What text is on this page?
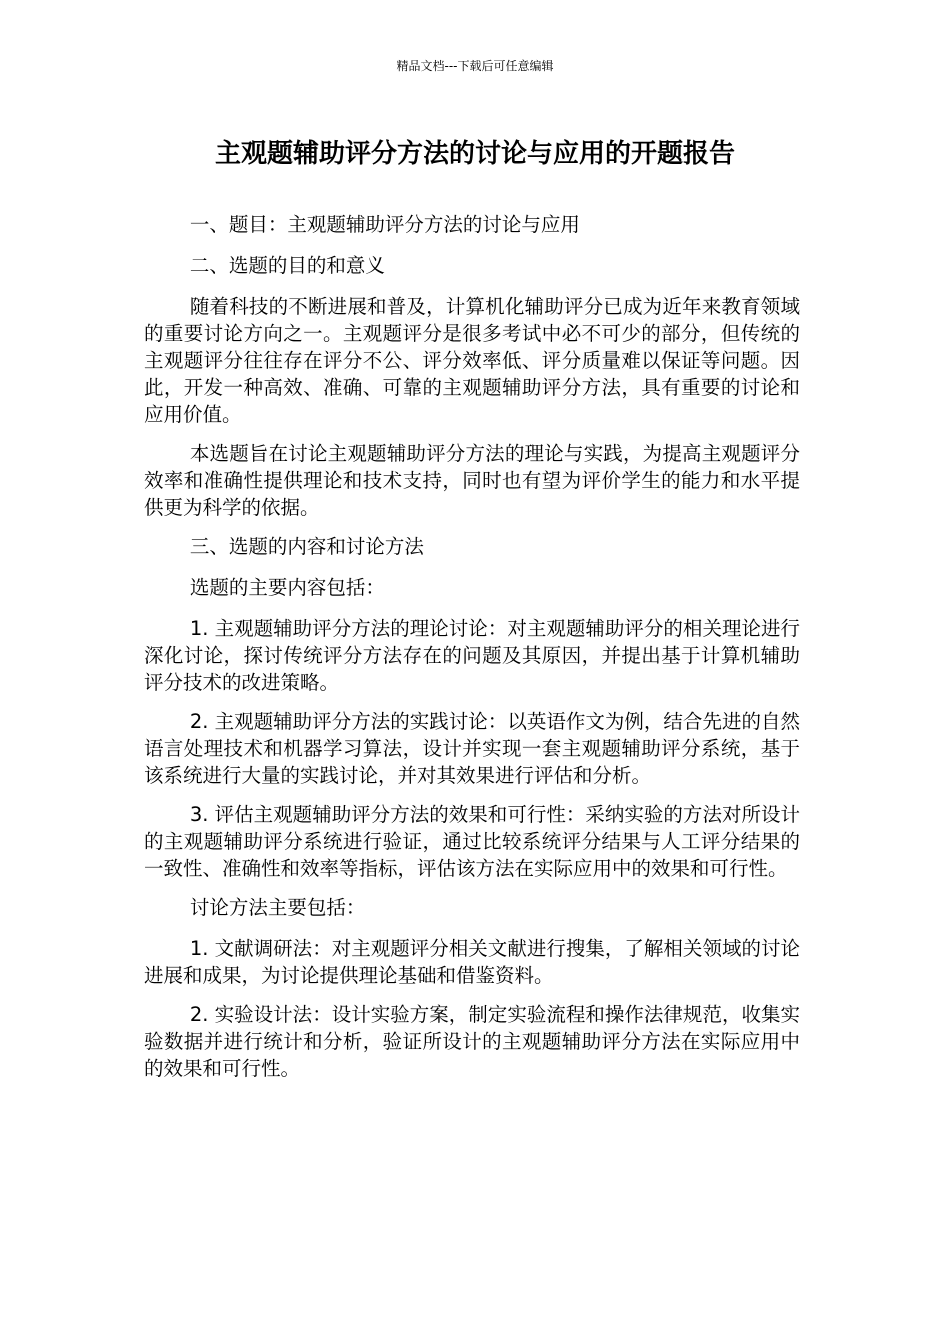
精品文档---下载后可任意编辑
主观题辅助评分方法的讨论与应用的开题报告

一、题目：主观题辅助评分方法的讨论与应用

二、选题的目的和意义

随着科技的不断进展和普及，计算机化辅助评分已成为近年来教育领域的重要讨论方向之一。主观题评分是很多考试中必不可少的部分，但传统的主观题评分往往存在评分不公、评分效率低、评分质量难以保证等问题。因此，开发一种高效、准确、可靠的主观题辅助评分方法，具有重要的讨论和应用价值。

本选题旨在讨论主观题辅助评分方法的理论与实践，为提高主观题评分效率和准确性提供理论和技术支持，同时也有望为评价学生的能力和水平提供更为科学的依据。

三、选题的内容和讨论方法

选题的主要内容包括：

1. 主观题辅助评分方法的理论讨论：对主观题辅助评分的相关理论进行深化讨论，探讨传统评分方法存在的问题及其原因，并提出基于计算机辅助评分技术的改进策略。

2. 主观题辅助评分方法的实践讨论：以英语作文为例，结合先进的自然语言处理技术和机器学习算法，设计并实现一套主观题辅助评分系统，基于该系统进行大量的实践讨论，并对其效果进行评估和分析。

3. 评估主观题辅助评分方法的效果和可行性：采纳实验的方法对所设计的主观题辅助评分系统进行验证，通过比较系统评分结果与人工评分结果的一致性、准确性和效率等指标，评估该方法在实际应用中的效果和可行性。

讨论方法主要包括：

1. 文献调研法：对主观题评分相关文献进行搜集，了解相关领域的讨论进展和成果，为讨论提供理论基础和借鉴资料。

2. 实验设计法：设计实验方案，制定实验流程和操作法律规范，收集实验数据并进行统计和分析，验证所设计的主观题辅助评分方法在实际应用中的效果和可行性。
